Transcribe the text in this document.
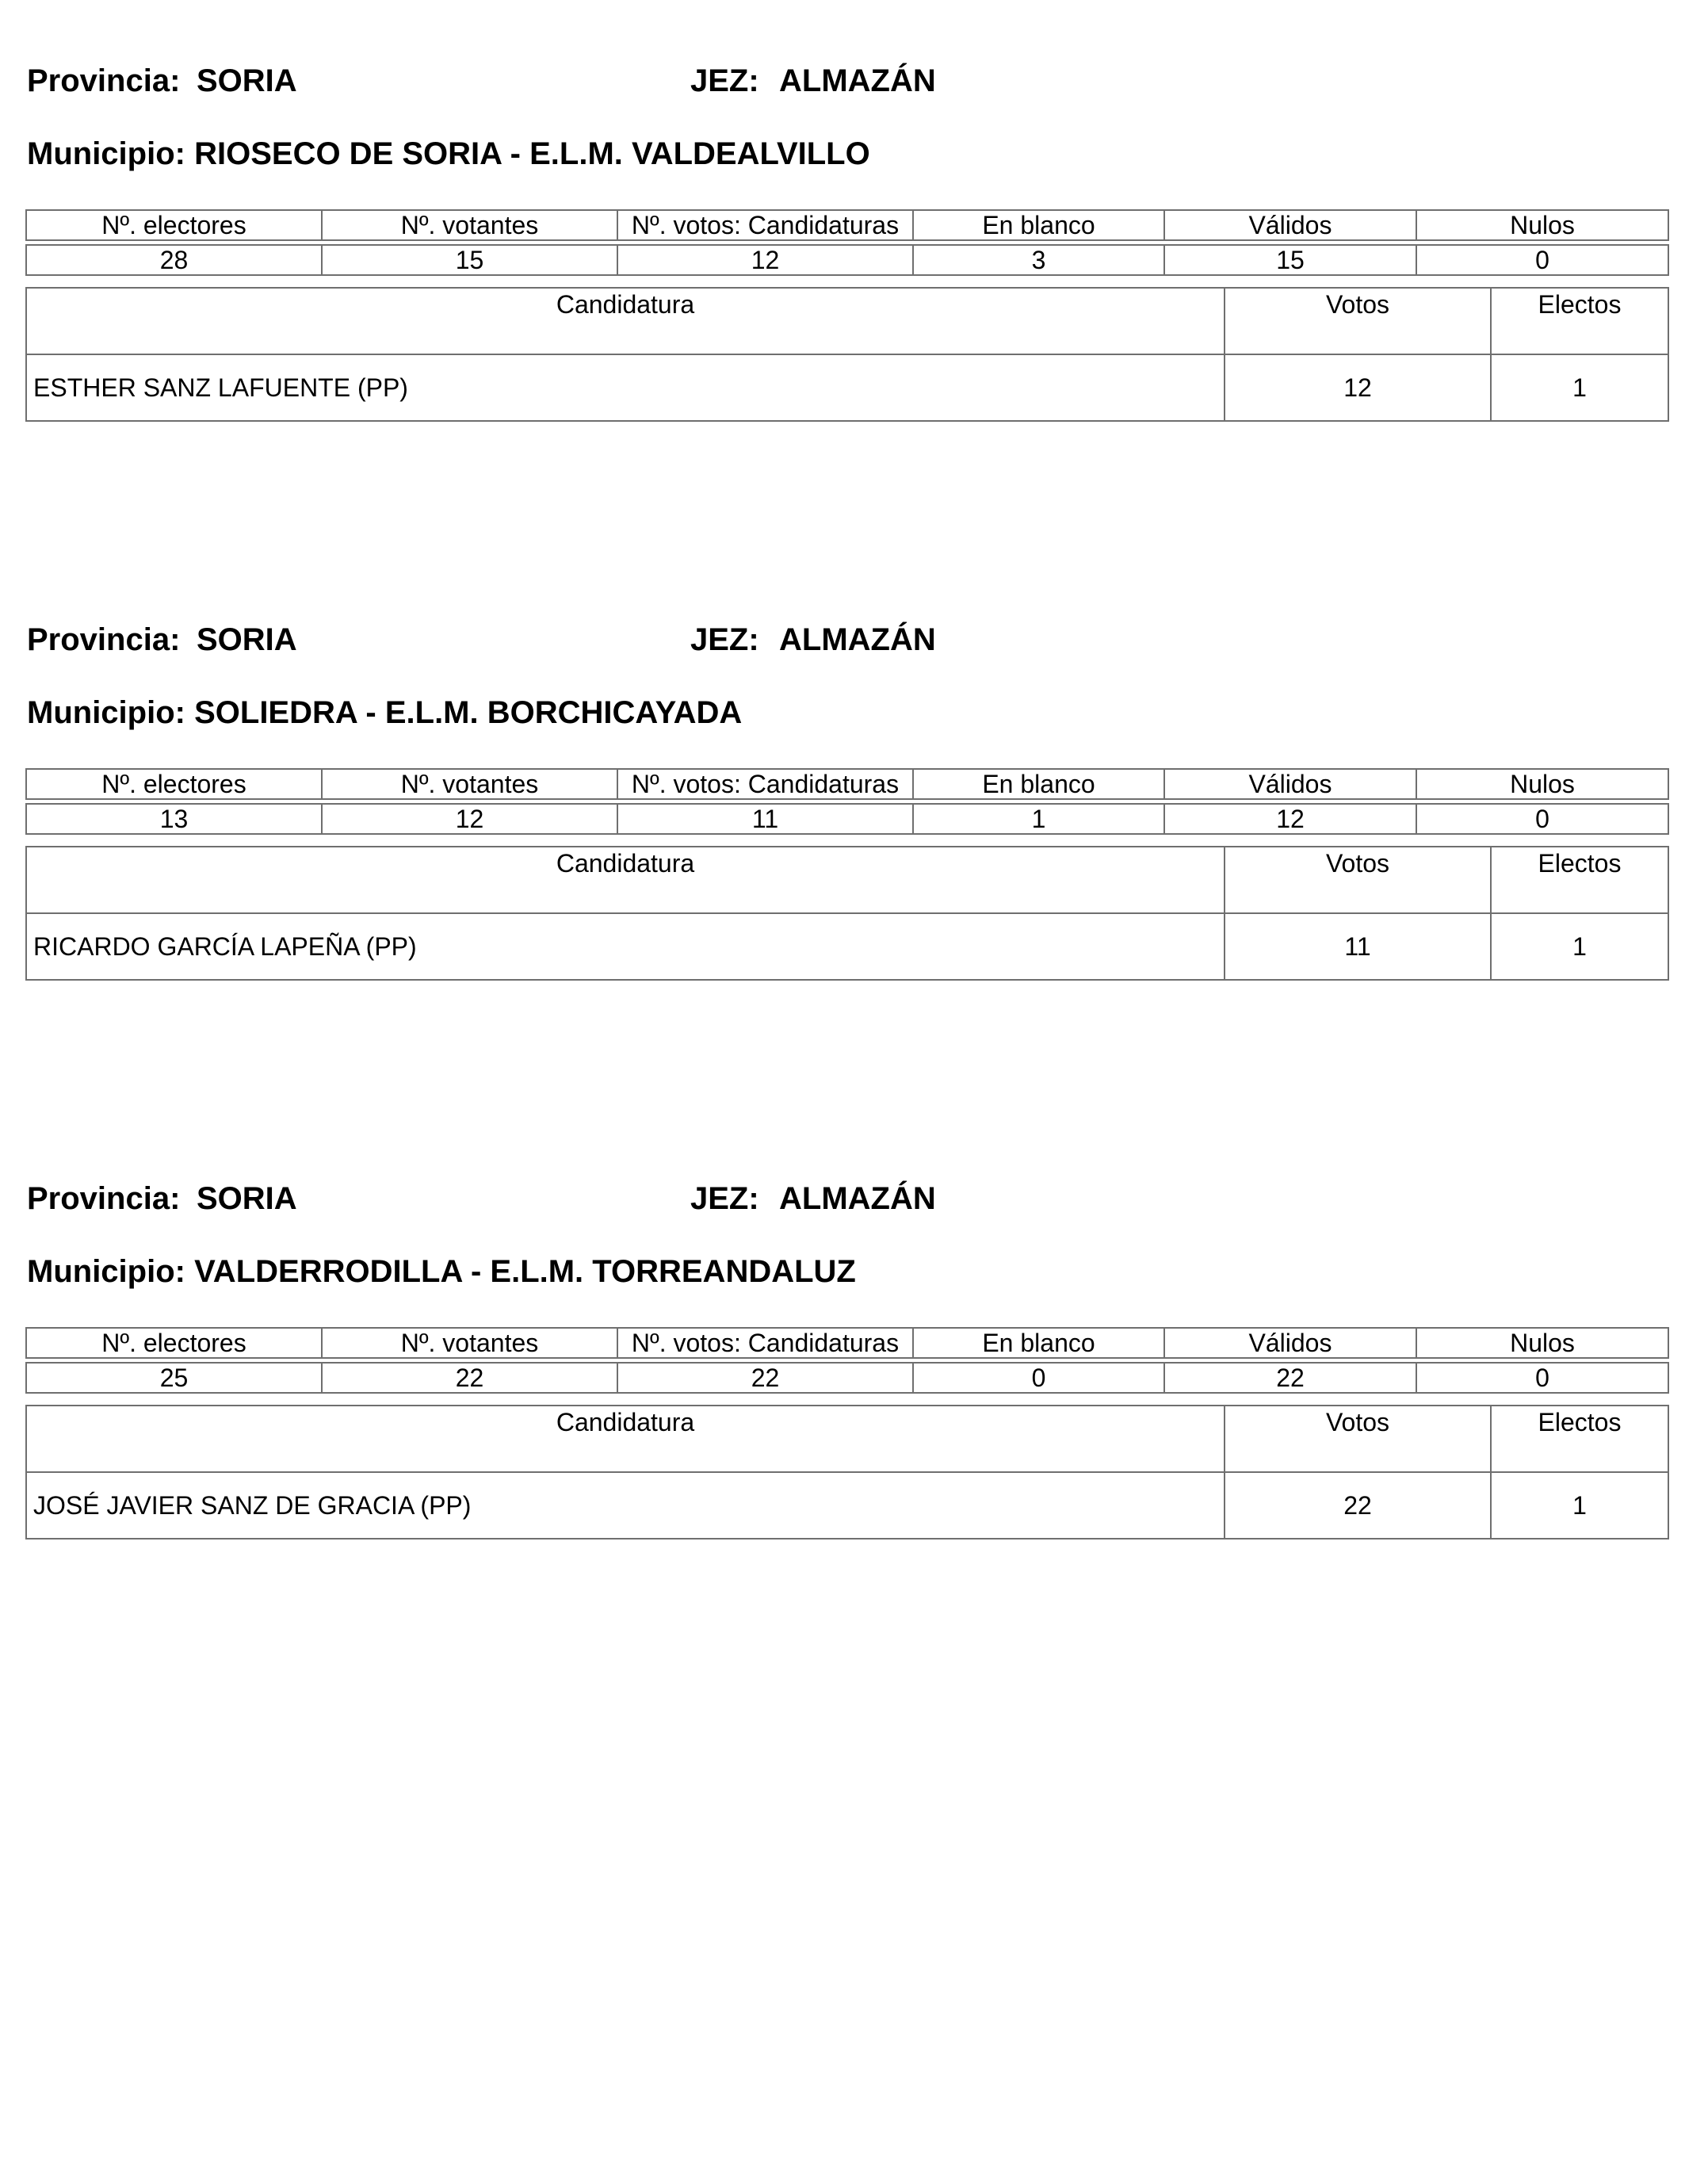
Provincia: SORIA	JEZ: ALMAZÁN
Municipio: RIOSECO DE SORIA - E.L.M. VALDEALVILLO
Nº. electores	Nº. votantes	Nº. votos: Candidaturas	En blanco	Válidos	Nulos

28	15	12	3	15	0
Candidatura	Votos	Electos
ESTHER SANZ LAFUENTE (PP)	12	1
Provincia: SORIA	JEZ: ALMAZÁN
Municipio: SOLIEDRA - E.L.M. BORCHICAYADA
Nº. electores	Nº. votantes	Nº. votos: Candidaturas	En blanco	Válidos	Nulos

13	12	11	1	12	0
Candidatura	Votos	Electos
RICARDO GARCÍA LAPEÑA (PP)	11	1
Provincia: SORIA	JEZ: ALMAZÁN
Municipio: VALDERRODILLA - E.L.M. TORREANDALUZ
Nº. electores	Nº. votantes	Nº. votos: Candidaturas	En blanco	Válidos	Nulos

25	22	22	0	22	0
Candidatura	Votos	Electos
JOSÉ JAVIER SANZ DE GRACIA (PP)	22	1
